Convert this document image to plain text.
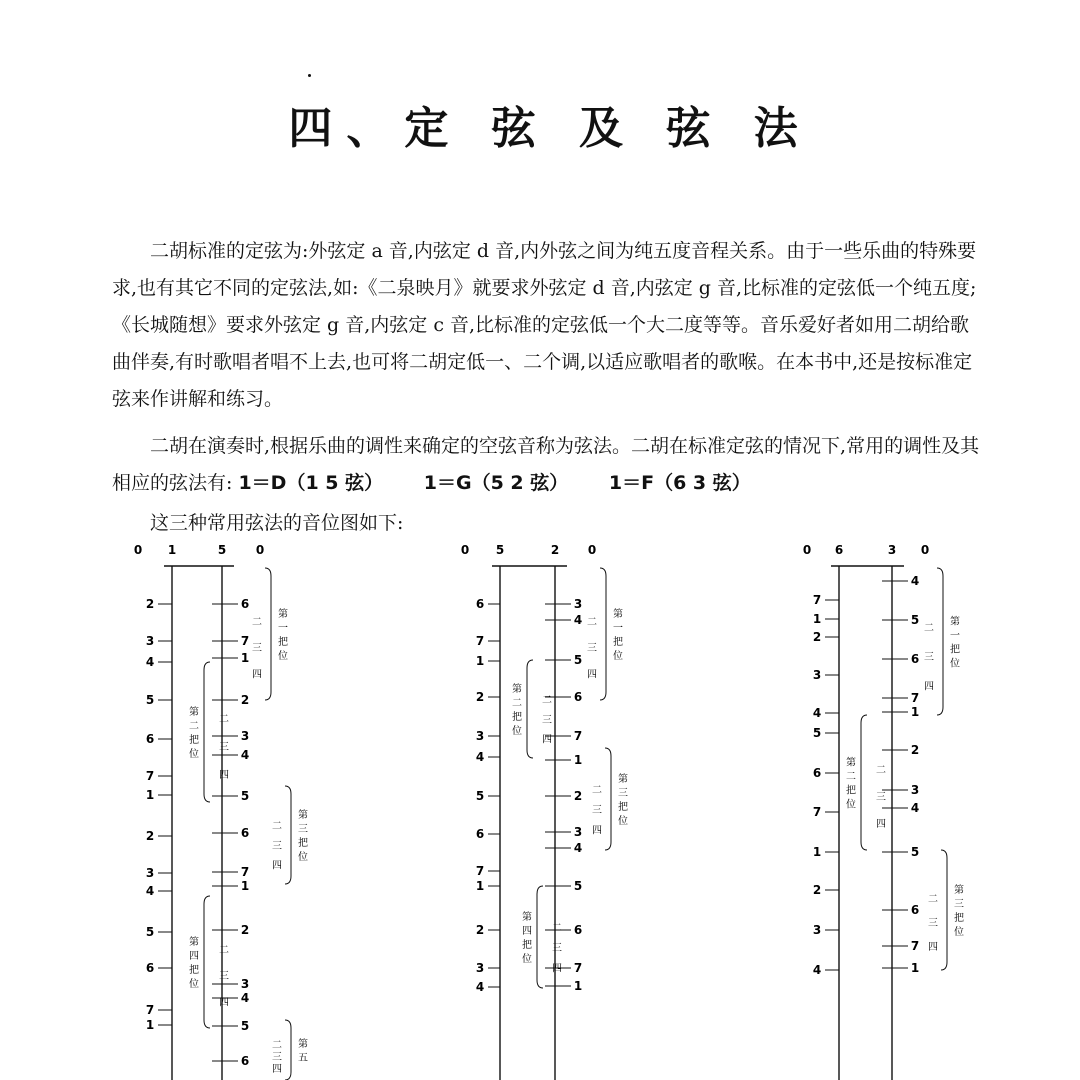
四、定 弦 及 弦 法

二胡标准的定弦为:外弦定 a 音,内弦定 d 音,内外弦之间为纯五度音程关系。由于一些乐曲的特殊要求,也有其它不同的定弦法,如:《二泉映月》就要求外弦定 d 音,内弦定 g 音,比标准的定弦低一个纯五度;《长城随想》要求外弦定 g 音,内弦定 c 音,比标准的定弦低一个大二度等等。音乐爱好者如用二胡给歌曲伴奏,有时歌唱者唱不上去,也可将二胡定低一、二个调,以适应歌唱者的歌喉。在本书中,还是按标准定弦来作讲解和练习。

二胡在演奏时,根据乐曲的调性来确定的空弦音称为弦法。二胡在标准定弦的情况下,常用的调性及其相应的弦法有: 1＝D（1 5 弦） 1＝G（5 2 弦） 1＝F（6 3 弦）

这三种常用弦法的音位图如下:
0 1	5 0
2
3
4
5
6
7
1
2
3
4
5
6
7
1
6
7
1
2
3
4
5
6
7
1
2
3
4
5
6
第
一
把
位
二
三
四
第
二
把
位
二
三
四
第
三
把
位
二
三
四
第
四
把
位
二
三
四
第
五
二
三
四
0 5	2 0
6
7
1
2
3
4
5
6
7
1
2
3
4
3
4
5
6
7
1
2
3
4
5
6
7
1
第
一
把
位
二
三
四
第
二
把
位
二
三
四
第
三
把
位
二
三
四
第
四
把
位
二
三
四
0 6	3 0
7
1
2
3
4
5
6
7
1
2
3
4
4
5
6
7
1
2
3
4
5
6
7
1
第
一
把
位
二
三
四
第
二
把
位
二
三
四
第
三
把
位
二
三
四
